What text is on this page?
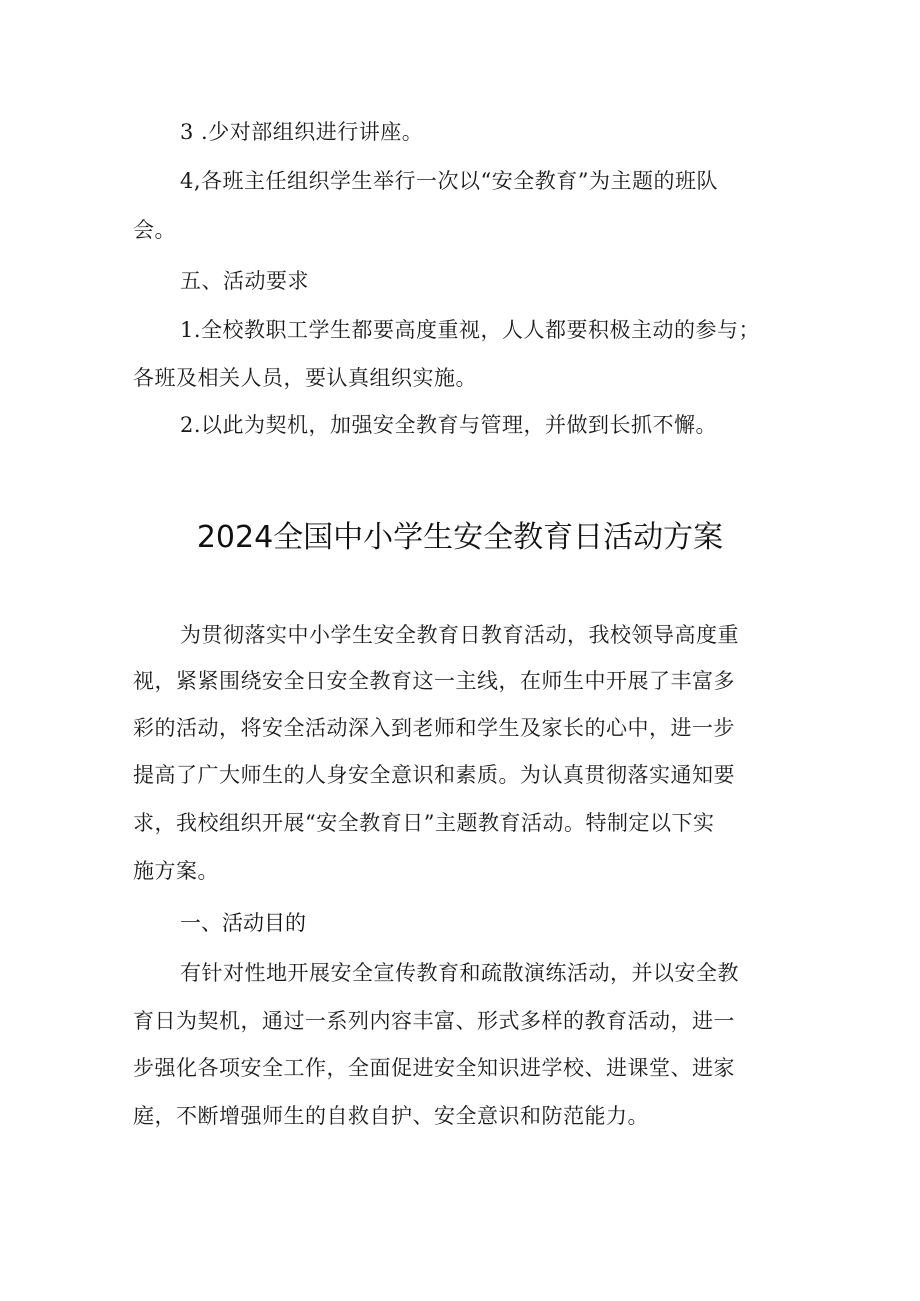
3 .少对部组织进行讲座。
4,各班主任组织学生举行一次以“安全教育”为主题的班队
会。
五、活动要求
1.全校教职工学生都要高度重视，人人都要积极主动的参与；
各班及相关人员，要认真组织实施。
2.以此为契机，加强安全教育与管理，并做到长抓不懈。
2024全国中小学生安全教育日活动方案
为贯彻落实中小学生安全教育日教育活动，我校领导高度重
视，紧紧围绕安全日安全教育这一主线，在师生中开展了丰富多
彩的活动，将安全活动深入到老师和学生及家长的心中，进一步
提高了广大师生的人身安全意识和素质。为认真贯彻落实通知要
求，我校组织开展“安全教育日”主题教育活动。特制定以下实
施方案。
一、活动目的
有针对性地开展安全宣传教育和疏散演练活动，并以安全教
育日为契机，通过一系列内容丰富、形式多样的教育活动，进一
步强化各项安全工作，全面促进安全知识进学校、进课堂、进家
庭，不断增强师生的自救自护、安全意识和防范能力。
